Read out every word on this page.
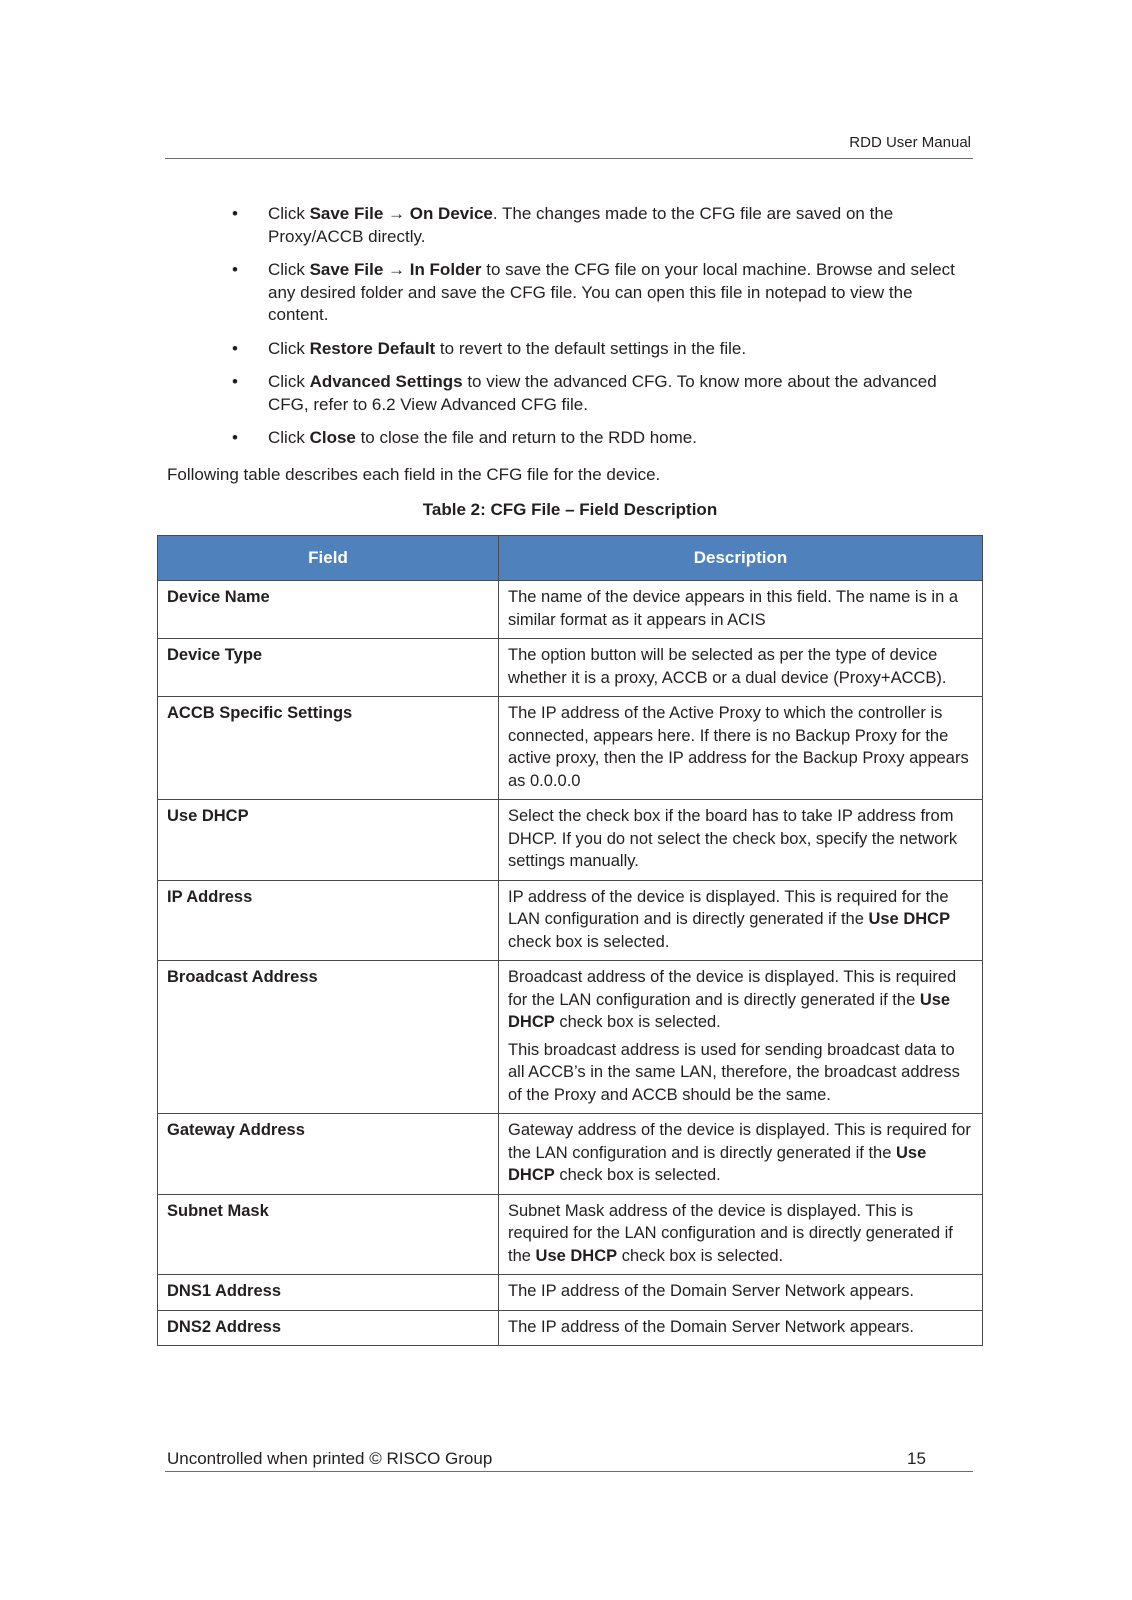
RDD User Manual
• Click Save File → On Device. The changes made to the CFG file are saved on the Proxy/ACCB directly.
• Click Save File → In Folder to save the CFG file on your local machine. Browse and select any desired folder and save the CFG file. You can open this file in notepad to view the content.
• Click Restore Default to revert to the default settings in the file.
• Click Advanced Settings to view the advanced CFG. To know more about the advanced CFG, refer to 6.2 View Advanced CFG file.
• Click Close to close the file and return to the RDD home.
Following table describes each field in the CFG file for the device.
Table 2: CFG File – Field Description
Field	Description
Device Name	The name of the device appears in this field. The name is in a similar format as it appears in ACIS

Device Type	The option button will be selected as per the type of device whether it is a proxy, ACCB or a dual device (Proxy+ACCB).

ACCB Specific Settings	The IP address of the Active Proxy to which the controller is connected, appears here. If there is no Backup Proxy for the active proxy, then the IP address for the Backup Proxy appears as 0.0.0.0

Use DHCP	Select the check box if the board has to take IP address from DHCP. If you do not select the check box, specify the network settings manually.

IP Address	IP address of the device is displayed. This is required for the LAN configuration and is directly generated if the Use DHCP check box is selected.

Broadcast Address	Broadcast address of the device is displayed. This is required for the LAN configuration and is directly generated if the Use DHCP check box is selected.

This broadcast address is used for sending broadcast data to all ACCB’s in the same LAN, therefore, the broadcast address of the Proxy and ACCB should be the same.

Gateway Address	Gateway address of the device is displayed. This is required for the LAN configuration and is directly generated if the Use DHCP check box is selected.

Subnet Mask	Subnet Mask address of the device is displayed. This is required for the LAN configuration and is directly generated if the Use DHCP check box is selected.

DNS1 Address	The IP address of the Domain Server Network appears.

DNS2 Address	The IP address of the Domain Server Network appears.

Uncontrolled when printed © RISCO Group	15
